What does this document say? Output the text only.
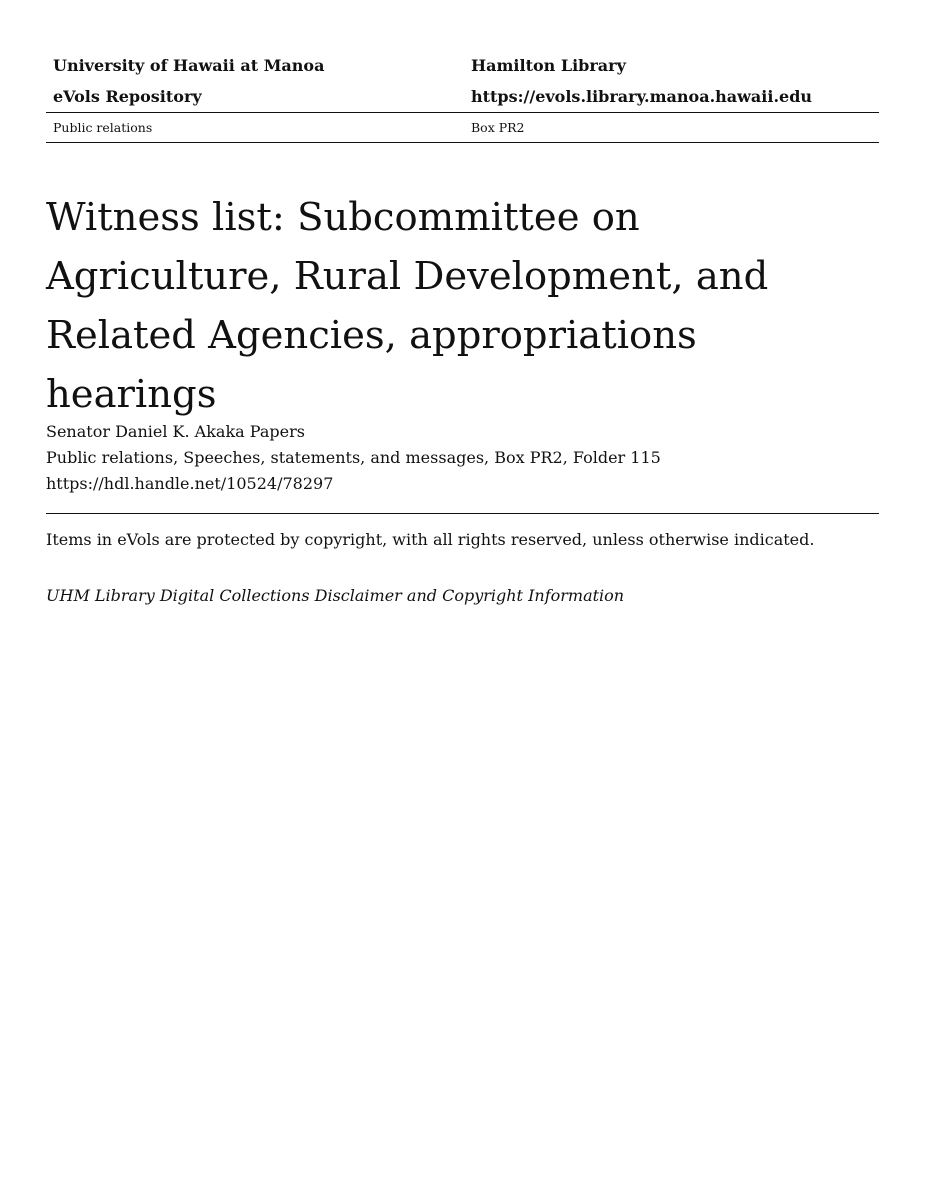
University of Hawaii at Manoa	Hamilton Library
eVols Repository	https://evols.library.manoa.hawaii.edu
Public relations	Box PR2
Witness list: Subcommittee on Agriculture, Rural Development, and Related Agencies, appropriations hearings
Senator Daniel K. Akaka Papers
Public relations, Speeches, statements, and messages, Box PR2, Folder 115
https://hdl.handle.net/10524/78297
Items in eVols are protected by copyright, with all rights reserved, unless otherwise indicated.
UHM Library Digital Collections Disclaimer and Copyright Information
